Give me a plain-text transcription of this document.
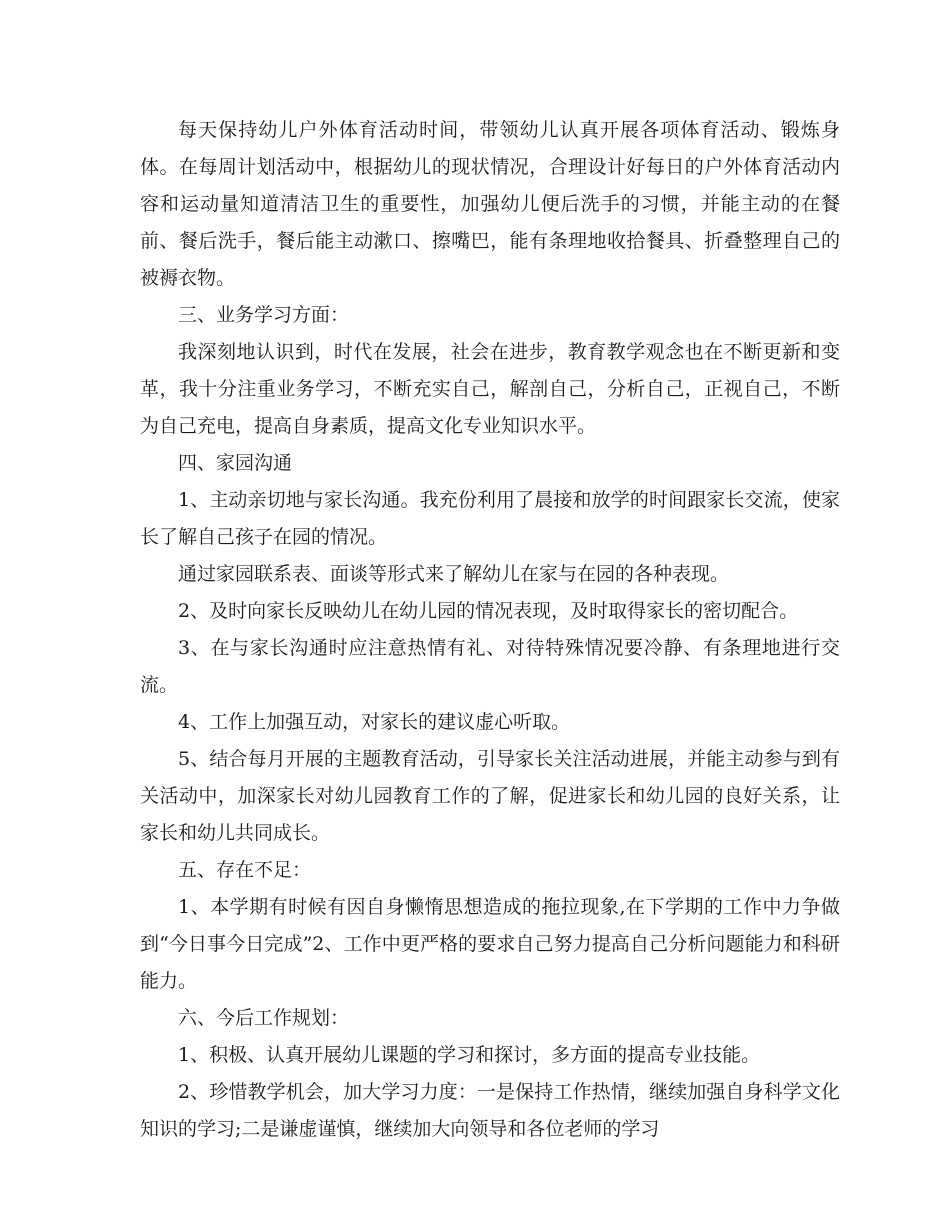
每天保持幼儿户外体育活动时间，带领幼儿认真开展各项体育活动、锻炼身体。在每周计划活动中，根据幼儿的现状情况，合理设计好每日的户外体育活动内容和运动量知道清洁卫生的重要性，加强幼儿便后洗手的习惯，并能主动的在餐前、餐后洗手，餐后能主动漱口、擦嘴巴，能有条理地收拾餐具、折叠整理自己的被褥衣物。

三、业务学习方面：

我深刻地认识到，时代在发展，社会在进步，教育教学观念也在不断更新和变革，我十分注重业务学习，不断充实自己，解剖自己，分析自己，正视自己，不断为自己充电，提高自身素质，提高文化专业知识水平。

四、家园沟通

1、主动亲切地与家长沟通。我充份利用了晨接和放学的时间跟家长交流，使家长了解自己孩子在园的情况。

通过家园联系表、面谈等形式来了解幼儿在家与在园的各种表现。

2、及时向家长反映幼儿在幼儿园的情况表现，及时取得家长的密切配合。

3、在与家长沟通时应注意热情有礼、对待特殊情况要冷静、有条理地进行交流。

4、工作上加强互动，对家长的建议虚心听取。

5、结合每月开展的主题教育活动，引导家长关注活动进展，并能主动参与到有关活动中，加深家长对幼儿园教育工作的了解，促进家长和幼儿园的良好关系，让家长和幼儿共同成长。

五、存在不足：

1、本学期有时候有因自身懒惰思想造成的拖拉现象,在下学期的工作中力争做到“今日事今日完成”2、工作中更严格的要求自己努力提高自己分析问题能力和科研能力。

六、今后工作规划：

1、积极、认真开展幼儿课题的学习和探讨，多方面的提高专业技能。

2、珍惜教学机会，加大学习力度：一是保持工作热情，继续加强自身科学文化知识的学习;二是谦虚谨慎，继续加大向领导和各位老师的学习
